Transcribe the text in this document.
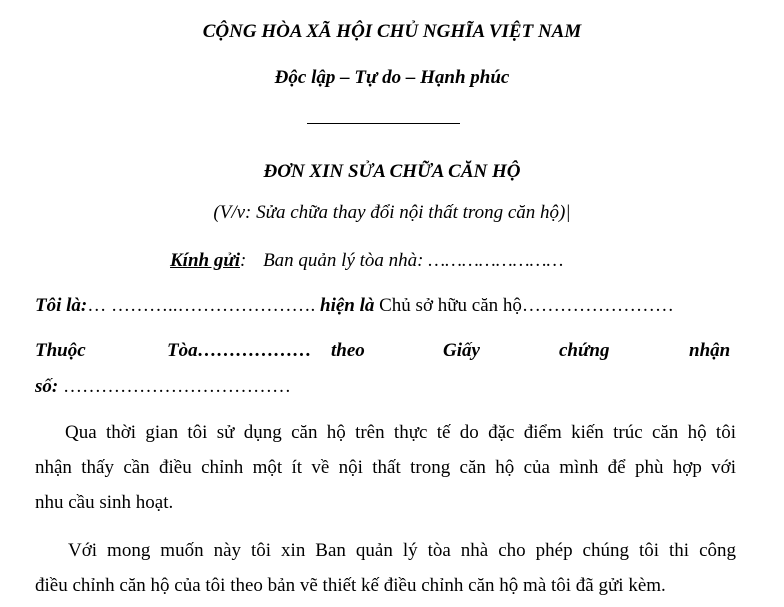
CỘNG HÒA XÃ HỘI CHỦ NGHĨA VIỆT NAM
Độc lập – Tự do – Hạnh phúc
ĐƠN XIN SỬA CHỮA CĂN HỘ
(V/v: Sửa chữa thay đổi nội thất trong căn hộ)|
Kính gửi: Ban quản lý tòa nhà: ……………………
Tôi là:… ………..…………………. hiện là Chủ sở hữu căn hộ……………………
Thuộc	Tòa……………… theo	Giấy	chứng	nhận
số: ………………………………
Qua thời gian tôi sử dụng căn hộ trên thực tế do đặc điểm kiến trúc căn hộ tôi
nhận thấy cần điều chỉnh một ít về nội thất trong căn hộ của mình để phù hợp với
nhu cầu sinh hoạt.
Với mong muốn này tôi xin Ban quản lý tòa nhà cho phép chúng tôi thi công
điều chỉnh căn hộ của tôi theo bản vẽ thiết kế điều chỉnh căn hộ mà tôi đã gửi kèm.
